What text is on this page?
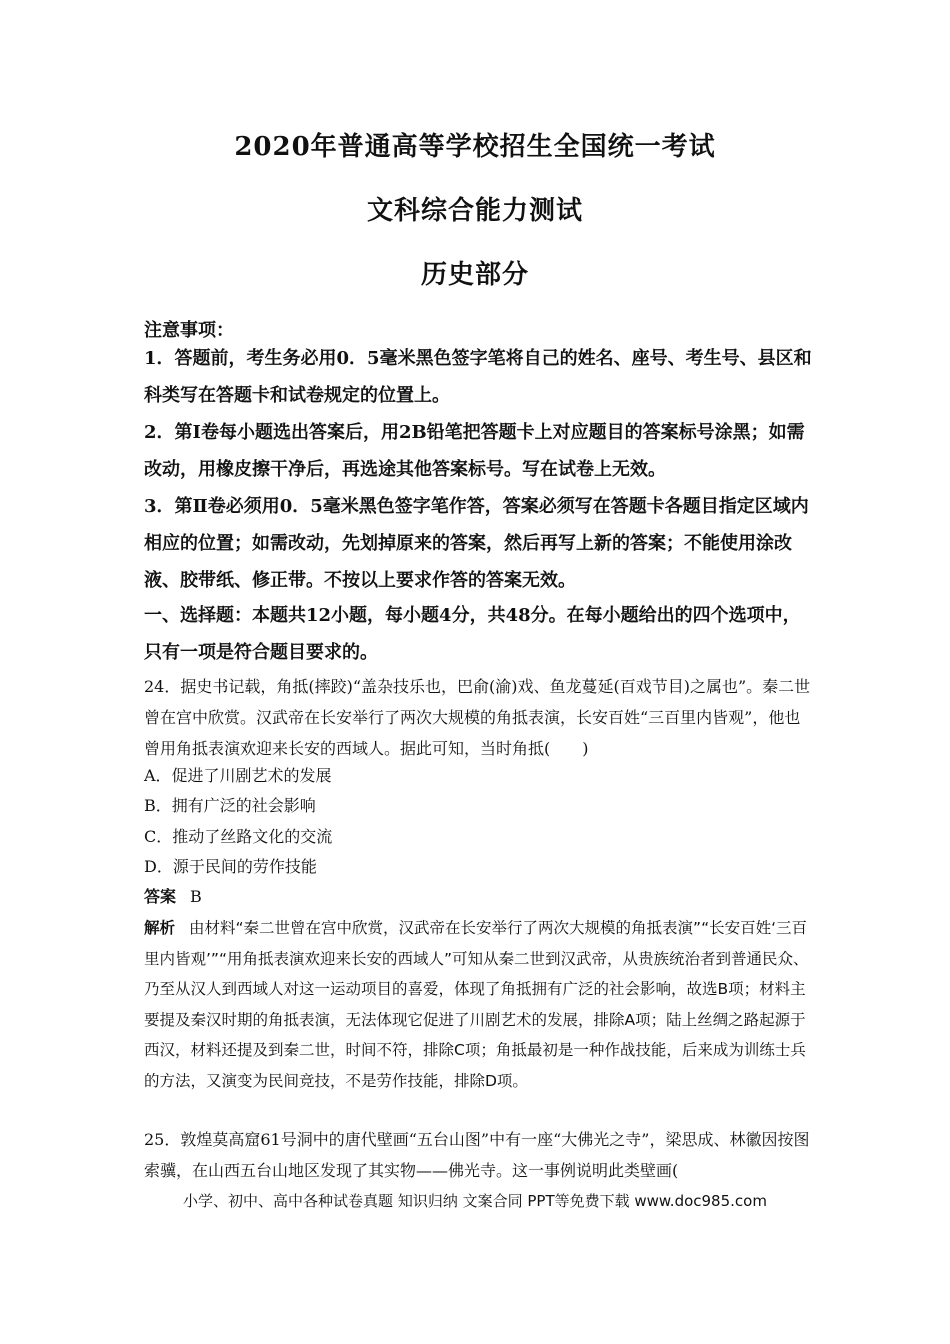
2020年普通高等学校招生全国统一考试
文科综合能力测试
历史部分
注意事项：
1．答题前，考生务必用0．5毫米黑色签字笔将自己的姓名、座号、考生号、县区和科类写在答题卡和试卷规定的位置上。
2．第Ⅰ卷每小题选出答案后，用2B铅笔把答题卡上对应题目的答案标号涂黑；如需改动，用橡皮擦干净后，再选途其他答案标号。写在试卷上无效。
3．第Ⅱ卷必须用0．5毫米黑色签字笔作答，答案必须写在答题卡各题目指定区域内相应的位置；如需改动，先划掉原来的答案，然后再写上新的答案；不能使用涂改液、胶带纸、修正带。不按以上要求作答的答案无效。
一、选择题：本题共12小题，每小题4分，共48分。在每小题给出的四个选项中，只有一项是符合题目要求的。
24．据史书记载，角抵(摔跤)“盖杂技乐也，巴俞(渝)戏、鱼龙蔓延(百戏节目)之属也”。秦二世曾在宫中欣赏。汉武帝在长安举行了两次大规模的角抵表演，长安百姓“三百里内皆观”，他也曾用角抵表演欢迎来长安的西域人。据此可知，当时角抵(　　)
A．促进了川剧艺术的发展
B．拥有广泛的社会影响
C．推动了丝路文化的交流
D．源于民间的劳作技能
答案 B
解析 由材料“秦二世曾在宫中欣赏，汉武帝在长安举行了两次大规模的角抵表演”“长安百姓‘三百里内皆观’”“用角抵表演欢迎来长安的西域人”可知从秦二世到汉武帝，从贵族统治者到普通民众、乃至从汉人到西域人对这一运动项目的喜爱，体现了角抵拥有广泛的社会影响，故选B项；材料主要提及秦汉时期的角抵表演，无法体现它促进了川剧艺术的发展，排除A项；陆上丝绸之路起源于西汉，材料还提及到秦二世，时间不符，排除C项；角抵最初是一种作战技能，后来成为训练士兵的方法，又演变为民间竞技，不是劳作技能，排除D项。
25．敦煌莫高窟61号洞中的唐代壁画“五台山图”中有一座“大佛光之寺”，梁思成、林徽因按图索骥，在山西五台山地区发现了其实物——佛光寺。这一事例说明此类壁画(
小学、初中、高中各种试卷真题 知识归纳 文案合同 PPT等免费下载 www.doc985.com
